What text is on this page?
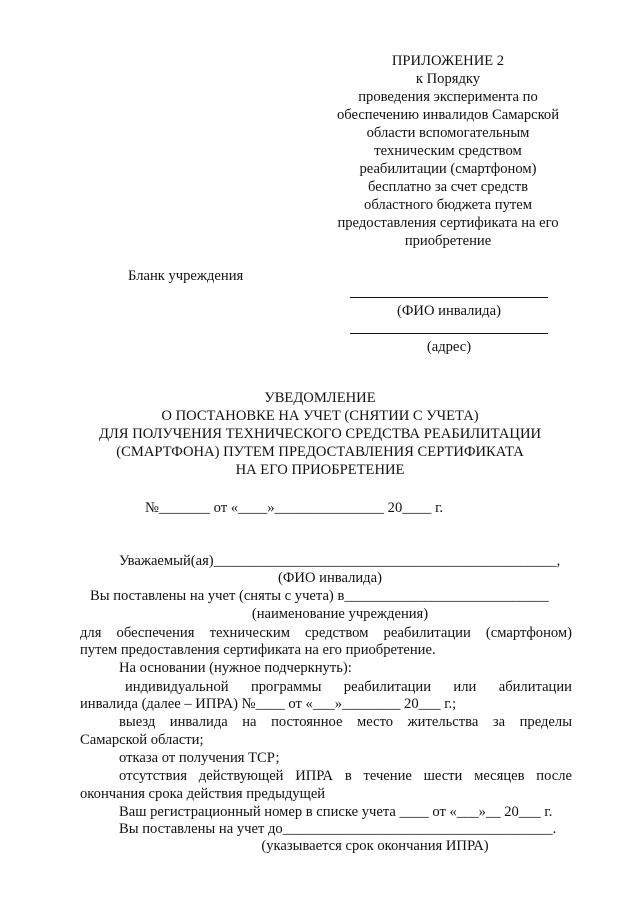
ПРИЛОЖЕНИЕ 2
к Порядку
проведения эксперимента по
обеспечению инвалидов Самарской
области вспомогательным
техническим средством
реабилитации (смартфоном)
бесплатно за счет средств
областного бюджета путем
предоставления сертификата на его
приобретение
Бланк учреждения
(ФИО инвалида)
(адрес)
УВЕДОМЛЕНИЕ
О ПОСТАНОВКЕ НА УЧЕТ (СНЯТИИ С УЧЕТА)
ДЛЯ ПОЛУЧЕНИЯ ТЕХНИЧЕСКОГО СРЕДСТВА РЕАБИЛИТАЦИИ
(СМАРТФОНА) ПУТЕМ ПРЕДОСТАВЛЕНИЯ СЕРТИФИКАТА
НА ЕГО ПРИОБРЕТЕНИЕ
№_______ от «____»_______________ 20____ г.
Уважаемый(ая)_______________________________________________,
(ФИО инвалида)
Вы поставлены на учет (сняты с учета) в____________________________
(наименование учреждения)
для обеспечения техническим средством реабилитации (смартфоном)
путем предоставления сертификата на его приобретение.
На основании (нужное подчеркнуть):
индивидуальной программы реабилитации или абилитации
инвалида (далее – ИПРА) №____ от «___»________ 20___ г.;
выезд инвалида на постоянное место жительства за пределы
Самарской области;
отказа от получения ТСР;
отсутствия действующей ИПРА в течение шести месяцев после
окончания срока действия предыдущей
Ваш регистрационный номер в списке учета ____ от «___»__ 20___ г.
Вы поставлены на учет до_____________________________________.
(указывается срок окончания ИПРА)
